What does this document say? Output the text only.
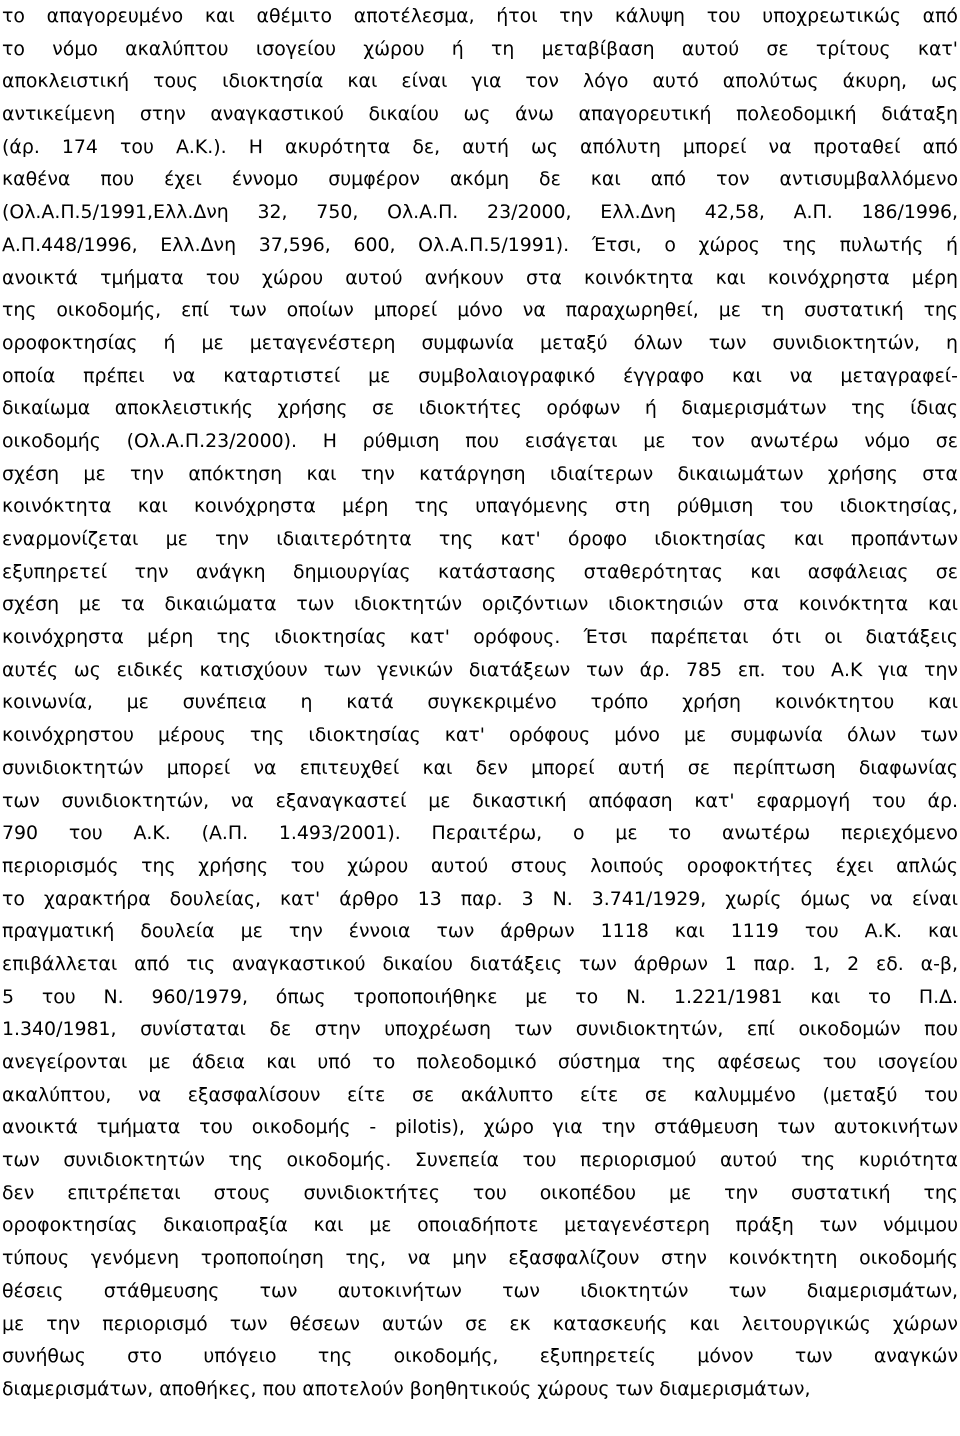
το απαγορευμένο και αθέμιτο αποτέλεσμα, ήτοι την κάλυψη του υποχρεωτικώς από
το νόμο ακαλύπτου ισογείου χώρου ή τη μεταβίβαση αυτού σε τρίτους κατ'
αποκλειστική τους ιδιοκτησία και είναι για τον λόγο αυτό απολύτως άκυρη, ως
αντικείμενη στην αναγκαστικού δικαίου ως άνω απαγορευτική πολεοδομική διάταξη
(άρ. 174 του Α.Κ.). Η ακυρότητα δε, αυτή ως απόλυτη μπορεί να προταθεί από
καθένα που έχει έννομο συμφέρον ακόμη δε και από τον αντισυμβαλλόμενο
(Ολ.Α.Π.5/1991,Ελλ.Δνη 32, 750, Ολ.Α.Π. 23/2000, Ελλ.Δνη 42,58, Α.Π. 186/1996,
Α.Π.448/1996, Ελλ.Δνη 37,596, 600, Ολ.Α.Π.5/1991). Έτσι, ο χώρος της πυλωτής ή
ανοικτά τμήματα του χώρου αυτού ανήκουν στα κοινόκτητα και κοινόχρηστα μέρη
της οικοδομής, επί των οποίων μπορεί μόνο να παραχωρηθεί, με τη συστατική της
οροφοκτησίας ή με μεταγενέστερη συμφωνία μεταξύ όλων των συνιδιοκτητών, η
οποία πρέπει να καταρτιστεί με συμβολαιογραφικό έγγραφο και να μεταγραφεί-
δικαίωμα αποκλειστικής χρήσης σε ιδιοκτήτες ορόφων ή διαμερισμάτων της ίδιας
οικοδομής (Ολ.Α.Π.23/2000). Η ρύθμιση που εισάγεται με τον ανωτέρω νόμο σε
σχέση με την απόκτηση και την κατάργηση ιδιαίτερων δικαιωμάτων χρήσης στα
κοινόκτητα και κοινόχρηστα μέρη της υπαγόμενης στη ρύθμιση του ιδιοκτησίας,
εναρμονίζεται με την ιδιαιτερότητα της κατ' όροφο ιδιοκτησίας και προπάντων
εξυπηρετεί την ανάγκη δημιουργίας κατάστασης σταθερότητας και ασφάλειας σε
σχέση με τα δικαιώματα των ιδιοκτητών οριζόντιων ιδιοκτησιών στα κοινόκτητα και
κοινόχρηστα μέρη της ιδιοκτησίας κατ' ορόφους. Έτσι παρέπεται ότι οι διατάξεις
αυτές ως ειδικές κατισχύουν των γενικών διατάξεων των άρ. 785 επ. του Α.Κ για την
κοινωνία, με συνέπεια η κατά συγκεκριμένο τρόπο χρήση κοινόκτητου και
κοινόχρηστου μέρους της ιδιοκτησίας κατ' ορόφους μόνο με συμφωνία όλων των
συνιδιοκτητών μπορεί να επιτευχθεί και δεν μπορεί αυτή σε περίπτωση διαφωνίας
των συνιδιοκτητών, να εξαναγκαστεί με δικαστική απόφαση κατ' εφαρμογή του άρ.
790 του Α.Κ. (Α.Π. 1.493/2001). Περαιτέρω, ο με το ανωτέρω περιεχόμενο
περιορισμός της χρήσης του χώρου αυτού στους λοιπούς οροφοκτήτες έχει απλώς
το χαρακτήρα δουλείας, κατ' άρθρο 13 παρ. 3 Ν. 3.741/1929, χωρίς όμως να είναι
πραγματική δουλεία με την έννοια των άρθρων 1118 και 1119 του Α.Κ. και
επιβάλλεται από τις αναγκαστικού δικαίου διατάξεις των άρθρων 1 παρ. 1, 2 εδ. α-β,
5 του Ν. 960/1979, όπως τροποποιήθηκε με το Ν. 1.221/1981 και το Π.Δ.
1.340/1981, συνίσταται δε στην υποχρέωση των συνιδιοκτητών, επί οικοδομών που
ανεγείρονται με άδεια και υπό το πολεοδομικό σύστημα της αφέσεως του ισογείου
ακαλύπτου, να εξασφαλίσουν είτε σε ακάλυπτο είτε σε καλυμμένο (μεταξύ του
ανοικτά τμήματα του οικοδομής - pilotis), χώρο για την στάθμευση των αυτοκινήτων
των συνιδιοκτητών της οικοδομής. Συνεπεία του περιορισμού αυτού της κυριότητα
δεν επιτρέπεται στους συνιδιοκτήτες του οικοπέδου με την συστατική της
οροφοκτησίας δικαιοπραξία και με οποιαδήποτε μεταγενέστερη πράξη των νόμιμου
τύπους γενόμενη τροποποίηση της, να μην εξασφαλίζουν στην κοινόκτητη οικοδομής
θέσεις στάθμευσης των αυτοκινήτων των ιδιοκτητών των διαμερισμάτων,
με την περιορισμό των θέσεων αυτών σε εκ κατασκευής και λειτουργικώς χώρων
συνήθως στο υπόγειο της οικοδομής, εξυπηρετείς μόνον των αναγκών
διαμερισμάτων, αποθήκες, που αποτελούν βοηθητικούς χώρους των διαμερισμάτων,
